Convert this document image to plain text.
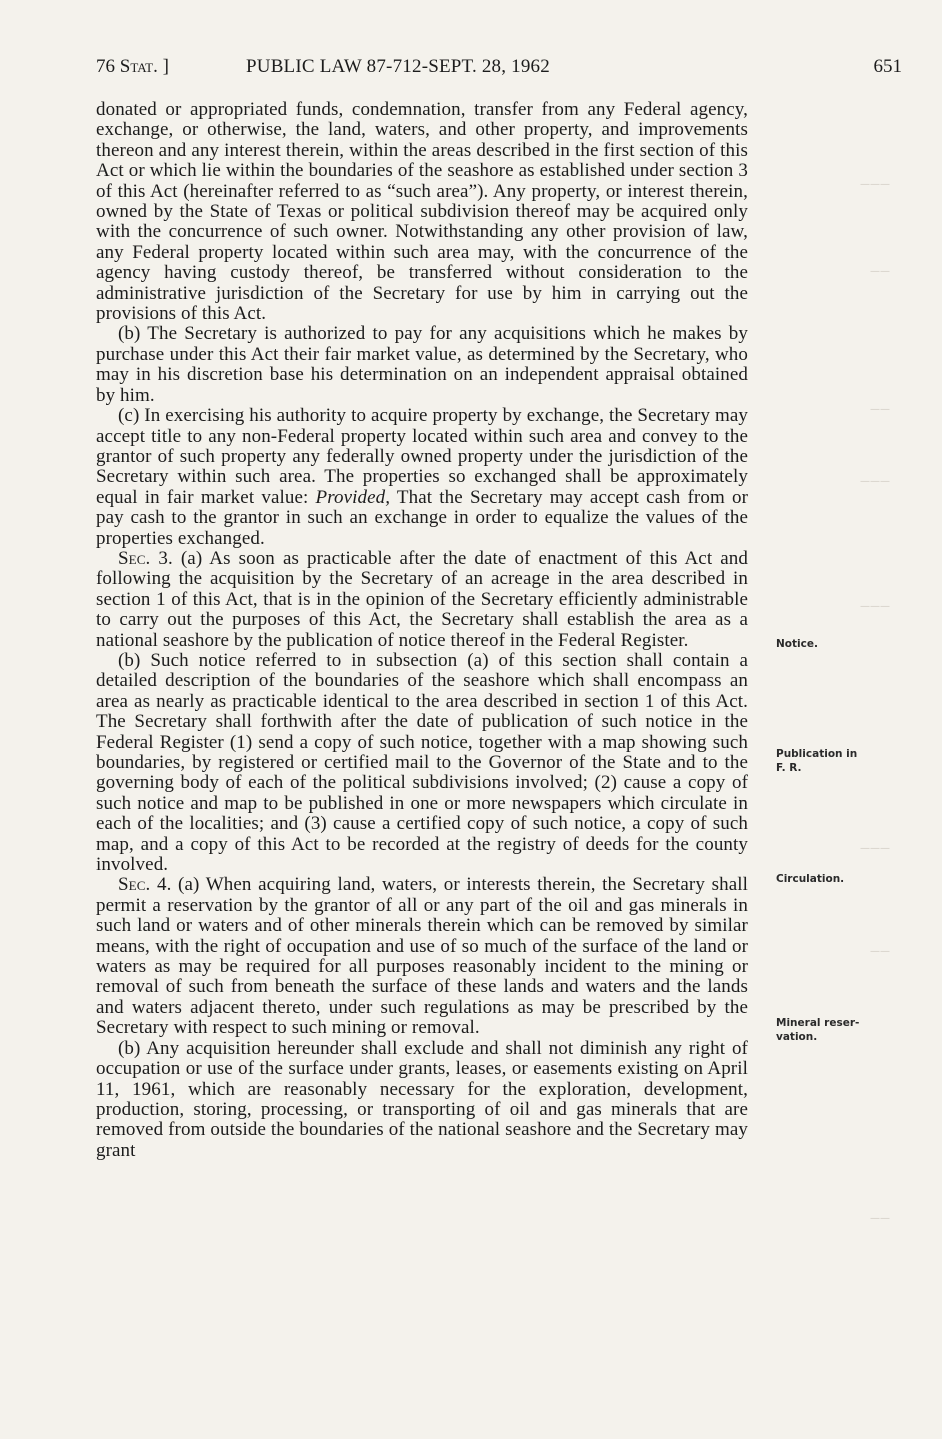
76 Stat. ]	PUBLIC LAW 87-712-SEPT. 28, 1962	651

donated or appropriated funds, condemnation, transfer from any Federal agency, exchange, or otherwise, the land, waters, and other property, and improvements thereon and any interest therein, within the areas described in the first section of this Act or which lie within the boundaries of the seashore as established under section 3 of this Act (hereinafter referred to as “such area”). Any property, or interest therein, owned by the State of Texas or political subdivision thereof may be acquired only with the concurrence of such owner. Notwithstanding any other provision of law, any Federal property located within such area may, with the concurrence of the agency having custody thereof, be transferred without consideration to the administrative jurisdiction of the Secretary for use by him in carrying out the provisions of this Act.

(b) The Secretary is authorized to pay for any acquisitions which he makes by purchase under this Act their fair market value, as determined by the Secretary, who may in his discretion base his determination on an independent appraisal obtained by him.

(c) In exercising his authority to acquire property by exchange, the Secretary may accept title to any non-Federal property located within such area and convey to the grantor of such property any federally owned property under the jurisdiction of the Secretary within such area. The properties so exchanged shall be approximately equal in fair market value: Provided, That the Secretary may accept cash from or pay cash to the grantor in such an exchange in order to equalize the values of the properties exchanged.

Sec. 3. (a) As soon as practicable after the date of enactment of this Act and following the acquisition by the Secretary of an acreage in the area described in section 1 of this Act, that is in the opinion of the Secretary efficiently administrable to carry out the purposes of this Act, the Secretary shall establish the area as a national seashore by the publication of notice thereof in the Federal Register.

(b) Such notice referred to in subsection (a) of this section shall contain a detailed description of the boundaries of the seashore which shall encompass an area as nearly as practicable identical to the area described in section 1 of this Act. The Secretary shall forthwith after the date of publication of such notice in the Federal Register (1) send a copy of such notice, together with a map showing such boundaries, by registered or certified mail to the Governor of the State and to the governing body of each of the political subdivisions involved; (2) cause a copy of such notice and map to be published in one or more newspapers which circulate in each of the localities; and (3) cause a certified copy of such notice, a copy of such map, and a copy of this Act to be recorded at the registry of deeds for the county involved.

Sec. 4. (a) When acquiring land, waters, or interests therein, the Secretary shall permit a reservation by the grantor of all or any part of the oil and gas minerals in such land or waters and of other minerals therein which can be removed by similar means, with the right of occupation and use of so much of the surface of the land or waters as may be required for all purposes reasonably incident to the mining or removal of such from beneath the surface of these lands and waters and the lands and waters adjacent thereto, under such regulations as may be prescribed by the Secretary with respect to such mining or removal.

(b) Any acquisition hereunder shall exclude and shall not diminish any right of occupation or use of the surface under grants, leases, or easements existing on April 11, 1961, which are reasonably necessary for the exploration, development, production, storing, processing, or transporting of oil and gas minerals that are removed from outside the boundaries of the national seashore and the Secretary may grant

———
——
——
———
———
———
——
——
Notice.
Publication in
F. R.
Circulation.
Mineral reser-
vation.
